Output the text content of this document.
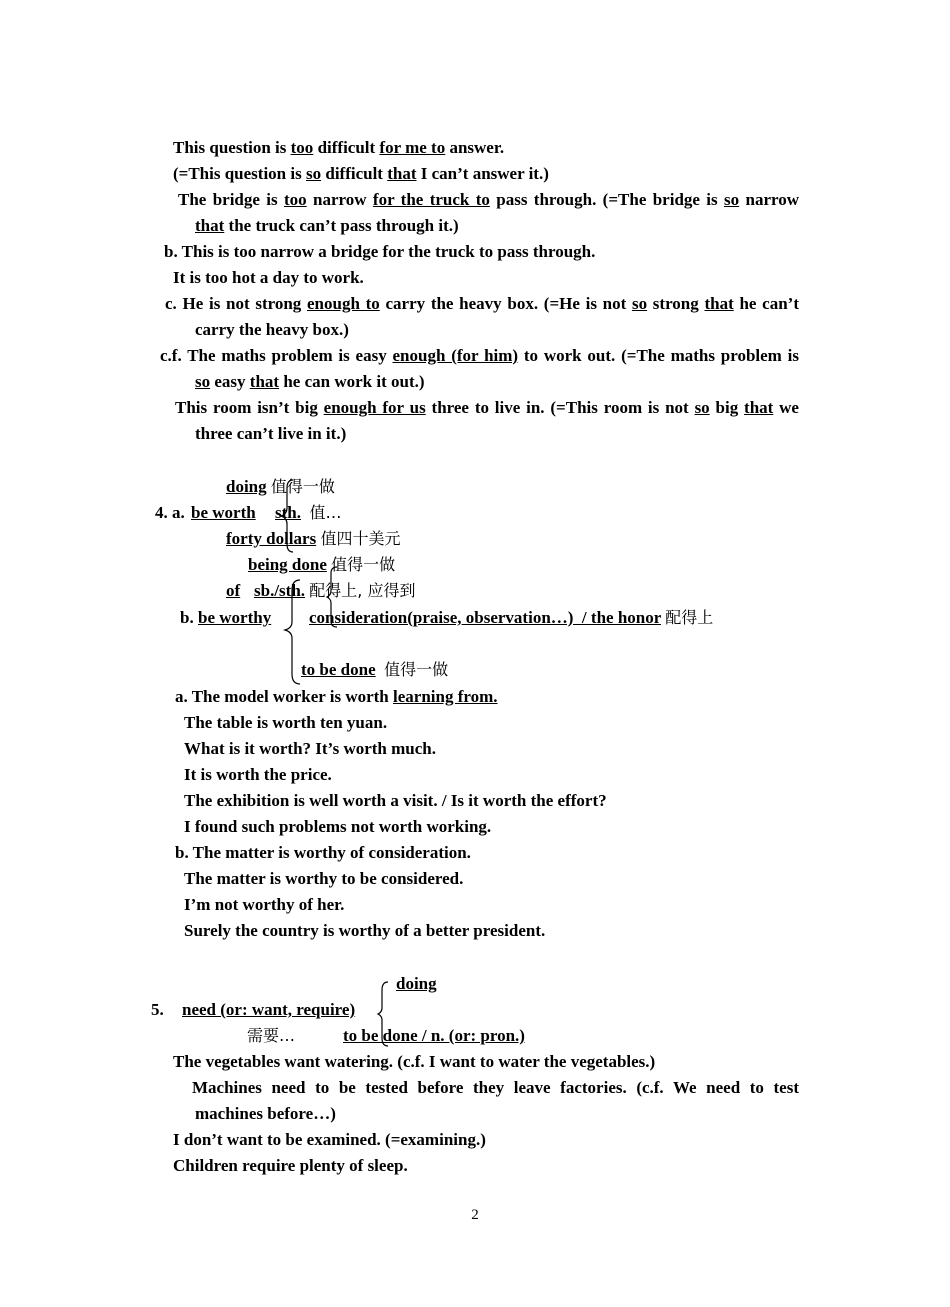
This question is too difficult for me to answer.
(=This question is so difficult that I can’t answer it.)
The bridge is too narrow for the truck to pass through. (=The bridge is so narrow
that the truck can’t pass through it.)
b. This is too narrow a bridge for the truck to pass through.
It is too hot a day to work.
c. He is not strong enough to carry the heavy box. (=He is not so strong that he can’t
carry the heavy box.)
c.f. The maths problem is easy enough (for him) to work out. (=The maths problem is
so easy that he can work it out.)
This room isn’t big enough for us three to live in. (=This room is not so big that we
three can’t live in it.)
doing 值得一做
4. a. be worth sth. 值…
forty dollars 值四十美元
being done 值得一做
of sb./sth. 配得上, 应得到
b. be worthy consideration(praise, observation…)  / the honor 配得上
to be done 值得一做
a. The model worker is worth learning from.
The table is worth ten yuan.
What is it worth? It’s worth much.
It is worth the price.
The exhibition is well worth a visit. / Is it worth the effort?
I found such problems not worth working.
b. The matter is worthy of consideration.
The matter is worthy to be considered.
I’m not worthy of her.
Surely the country is worthy of a better president.
doing
5. need (or: want, require)
需要…	to be done / n. (or: pron.)
The vegetables want watering. (c.f. I want to water the vegetables.)
Machines need to be tested before they leave factories. (c.f. We need to test
machines before…)
I don’t want to be examined. (=examining.)
Children require plenty of sleep.
2
